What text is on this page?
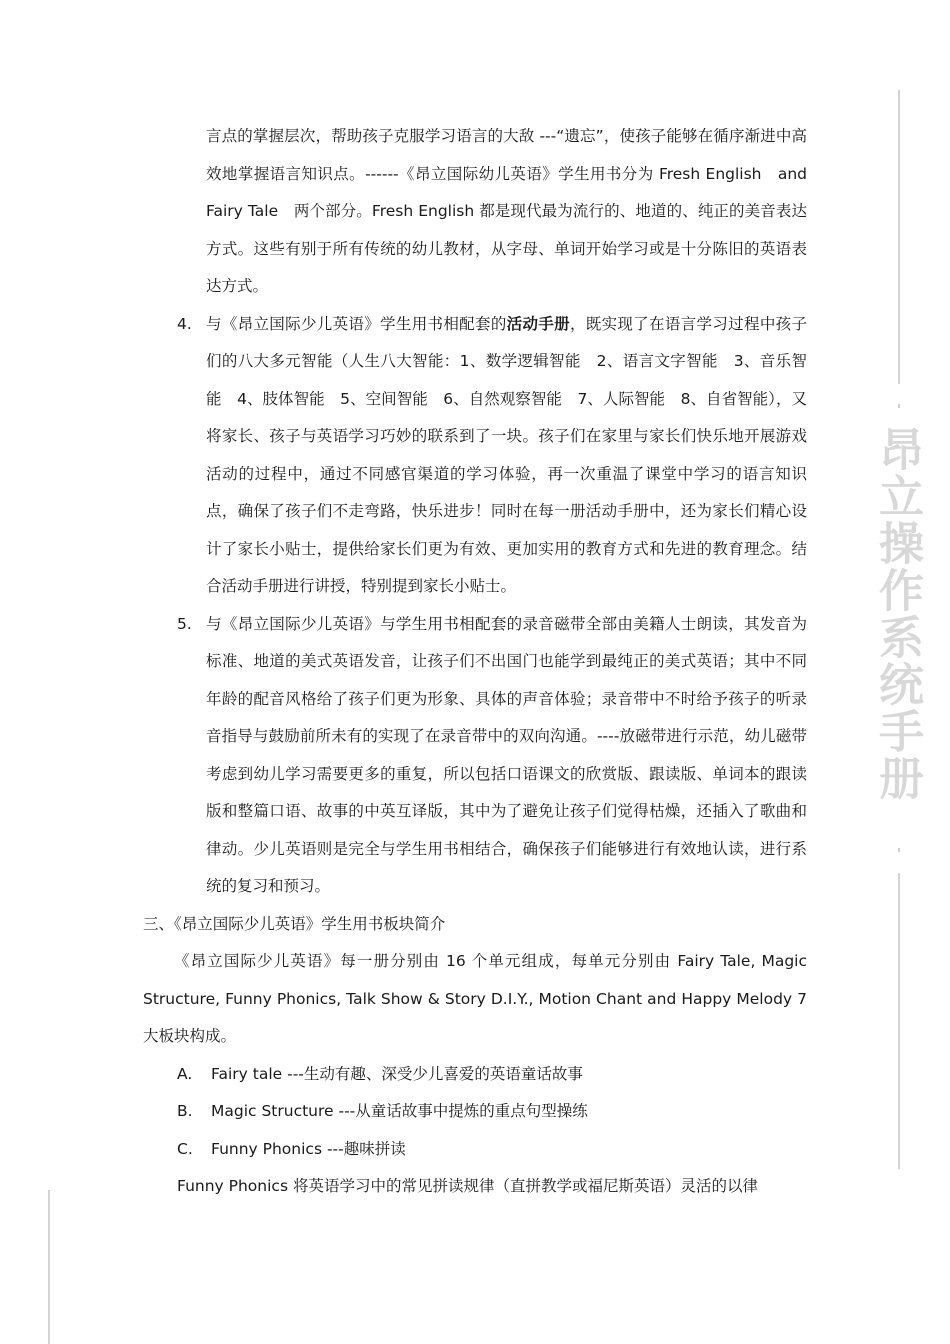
昂立操作系统手册

言点的掌握层次，帮助孩子克服学习语言的大敌 ---“遗忘”，使孩子能够在循序渐进中高效地掌握语言知识点。------《昂立国际幼儿英语》学生用书分为 Fresh English　and Fairy Tale　两个部分。Fresh English 都是现代最为流行的、地道的、纯正的美音表达方式。这些有别于所有传统的幼儿教材，从字母、单词开始学习或是十分陈旧的英语表达方式。

4. 与《昂立国际少儿英语》学生用书相配套的活动手册，既实现了在语言学习过程中孩子们的八大多元智能（人生八大智能：1、数学逻辑智能　2、语言文字智能　3、音乐智能　4、肢体智能　5、空间智能　6、自然观察智能　7、人际智能　8、自省智能），又将家长、孩子与英语学习巧妙的联系到了一块。孩子们在家里与家长们快乐地开展游戏活动的过程中，通过不同感官渠道的学习体验，再一次重温了课堂中学习的语言知识点，确保了孩子们不走弯路，快乐进步！同时在每一册活动手册中，还为家长们精心设计了家长小贴士，提供给家长们更为有效、更加实用的教育方式和先进的教育理念。结合活动手册进行讲授，特别提到家长小贴士。
5. 与《昂立国际少儿英语》与学生用书相配套的录音磁带全部由美籍人士朗读，其发音为标准、地道的美式英语发音，让孩子们不出国门也能学到最纯正的美式英语；其中不同年龄的配音风格给了孩子们更为形象、具体的声音体验；录音带中不时给予孩子的听录音指导与鼓励前所未有的实现了在录音带中的双向沟通。----放磁带进行示范，幼儿磁带考虑到幼儿学习需要更多的重复，所以包括口语课文的欣赏版、跟读版、单词本的跟读版和整篇口语、故事的中英互译版，其中为了避免让孩子们觉得枯燥，还插入了歌曲和律动。少儿英语则是完全与学生用书相结合，确保孩子们能够进行有效地认读，进行系统的复习和预习。

三、《昂立国际少儿英语》学生用书板块简介

《昂立国际少儿英语》每一册分别由 16 个单元组成，每单元分别由 Fairy Tale, Magic Structure, Funny Phonics, Talk Show & Story D.I.Y., Motion Chant and Happy Melody 7 大板块构成。

A. Fairy tale ---生动有趣、深受少儿喜爱的英语童话故事
B. Magic Structure ---从童话故事中提炼的重点句型操练
C. Funny Phonics ---趣味拼读

Funny Phonics 将英语学习中的常见拼读规律（直拼教学或福尼斯英语）灵活的以律
